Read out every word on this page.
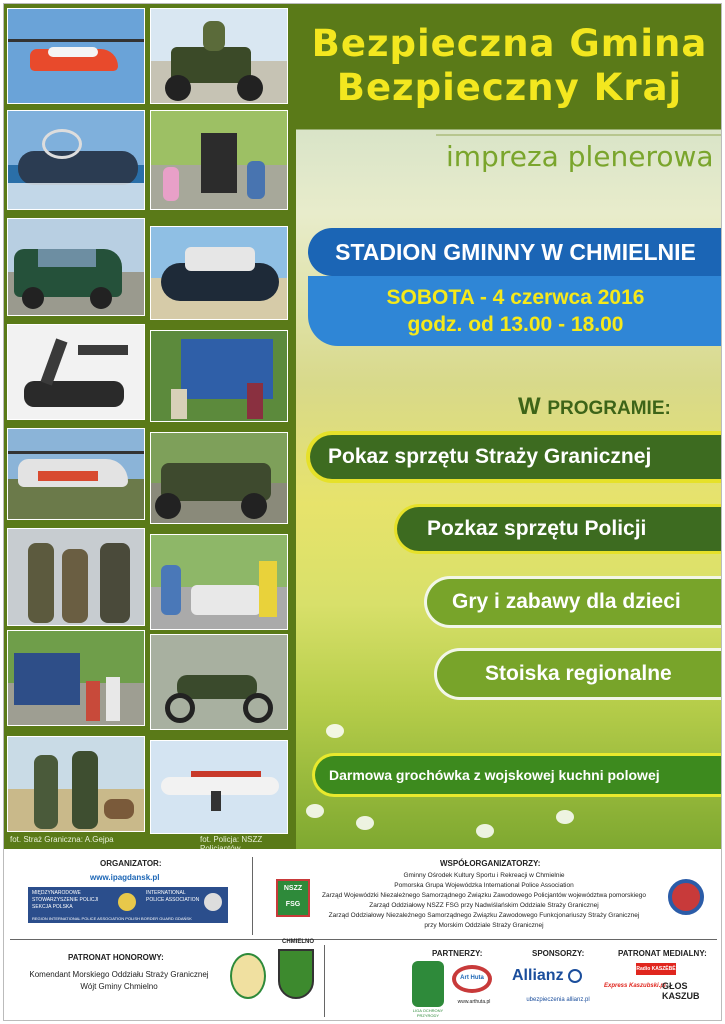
fot. Straż Graniczna: A.Gejpa	fot. Policja: NSZZ
Bezpieczna Gmina
Bezpieczny Kraj
impreza plenerowa
STADION GMINNY W CHMIELNIE
SOBOTA - 4 czerwca 2016
godz. od 13.00 - 18.00
W PROGRAMIE:
Pokaz sprzętu Straży Granicznej
Pozkaz sprzętu Policji
Gry i zabawy dla dzieci
Stoiska regionalne
Darmowa grochówka z wojskowej kuchni polowej
ORGANIZATOR:
www.ipagdansk.pl
MIĘDZYNARODOWE
STOWARZYSZENIE POLICJI
SEKCJA POLSKA
INTERNATIONAL
POLICE ASSOCIATION
REGION INTERNATIONAL POLICE ASSOCIATION POLISH BORDER GUARD GDAŃSK
NSZZ FSG
WSPÓŁORGANIZATORZY:
Gminny Ośrodek Kultury Sportu i Rekreacji w Chmielnie
Pomorska Grupa Wojewódzka International Police Association
Zarząd Wojewódzki Niezależnego Samorządnego Związku Zawodowego Policjantów województwa pomorskiego
Zarząd Oddziałowy NSZZ FSG przy Nadwiślańskim Oddziale Straży Granicznej
Zarząd Oddziałowy Niezależnego Samorządnego Związku Zawodowego Funkcjonariuszy Straży Granicznej
przy Morskim Oddziale Straży Granicznej
PATRONAT HONOROWY:
Komendant Morskiego Oddziału Straży Granicznej
Wójt Gminy Chmielno
CHMIELNO
PARTNERZY:
LIGA OCHRONY PRZYRODY
Art Huta
www.arthuta.pl
SPONSORZY:
Allianz
ubezpieczenia allianz.pl
PATRONAT MEDIALNY:
Radio KASZËBË
Express Kaszubski.pl
GŁOS KASZUB
